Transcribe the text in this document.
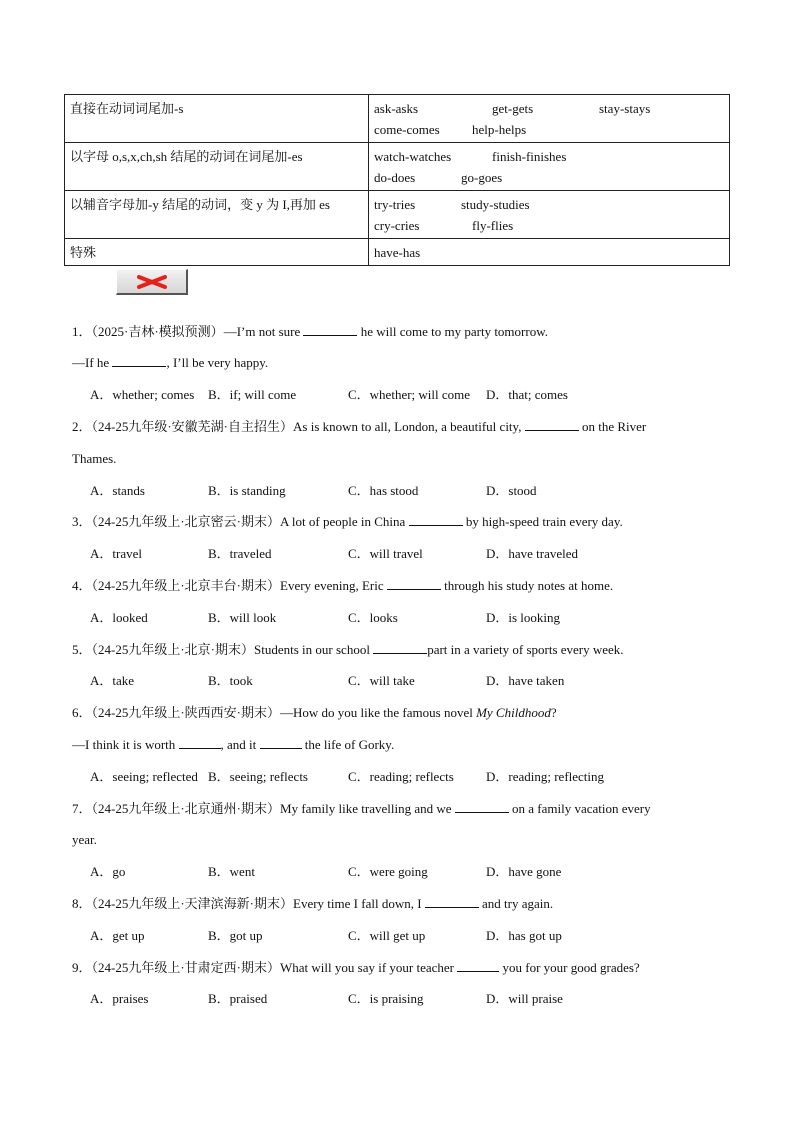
直接在动词词尾加-s	ask-asks get-gets stay-stays
come-comes help-helps

以字母 o,s,x,ch,sh 结尾的动词在词尾加-es	watch-watches finish-finishes
do-does go-goes

以辅音字母加-y 结尾的动词，变 y 为 I,再加 es	try-tries study-studies
cry-cries fly-flies

特殊	have-has
1．（2025·吉林·模拟预测）—I’m not sure	he will come to my party tomorrow.
—If he	, I’ll be very happy.
A．whether; comes B．if; will come	C．whether; will come D．that; comes
2．（24-25九年级·安徽芜湖·自主招生）As is known to all, London, a beautiful city,	on the River
Thames.
A．stands	B．is standing	C．has stood	D．stood
3．（24-25九年级上·北京密云·期末）A lot of people in China	by high-speed train every day.
A．travel	B．traveled	C．will travel	D．have traveled
4．（24-25九年级上·北京丰台·期末）Every evening, Eric	through his study notes at home.
A．looked	B．will look	C．looks	D．is looking
5．（24-25九年级上·北京·期末）Students in our school	part in a variety of sports every week.
A．take	B．took	C．will take	D．have taken
6．（24-25九年级上·陕西西安·期末）—How do you like the famous novel My Childhood?
—I think it is worth	, and it	the life of Gorky.
A．seeing; reflected B．seeing; reflects	C．reading; reflects D．reading; reflecting
7．（24-25九年级上·北京通州·期末）My family like travelling and we	on a family vacation every
year.
A．go	B．went	C．were going	D．have gone
8．（24-25九年级上·天津滨海新·期末）Every time I fall down, I	and try again.
A．get up	B．got up	C．will get up	D．has got up
9．（24-25九年级上·甘肃定西·期末）What will you say if your teacher	you for your good grades?
A．praises	B．praised	C．is praising	D．will praise
